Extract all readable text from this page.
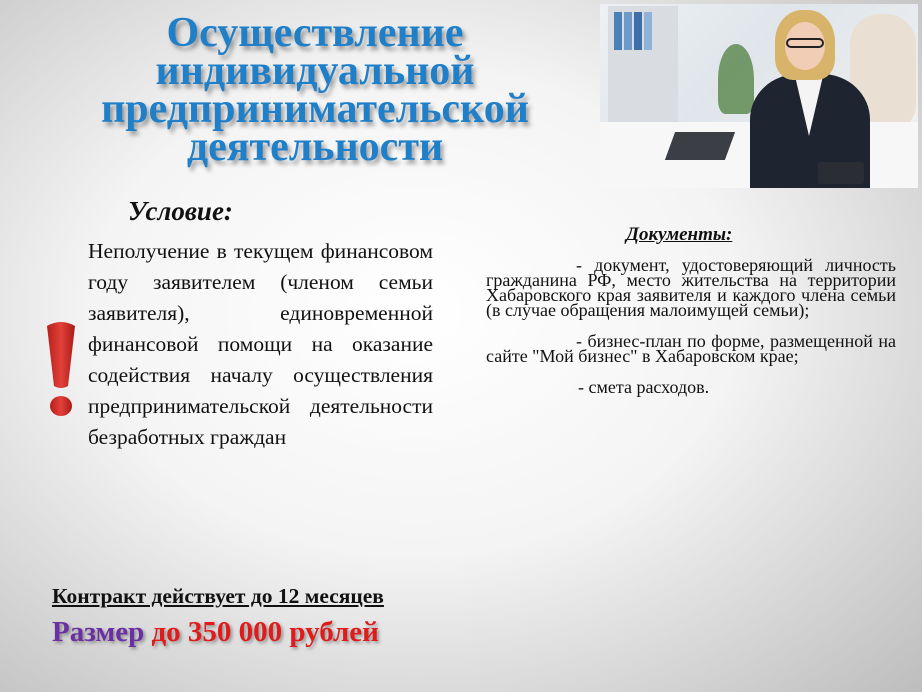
Осуществление
индивидуальной
предпринимательской
деятельности
Условие:
Неполучение в текущем финансовом году заявителем (членом семьи заявителя), единовременной финансовой помощи на оказание содействия началу осуществления предпринимательской деятельности безработных граждан
Документы:
- документ, удостоверяющий личность гражданина РФ, место жительства на территории Хабаровского края заявителя и каждого члена семьи (в случае обращения малоимущей семьи);
- бизнес-план по форме, размещенной на сайте "Мой бизнес" в Хабаровском крае;
- смета расходов.
Контракт действует до 12 месяцев
Размер до 350 000 рублей
